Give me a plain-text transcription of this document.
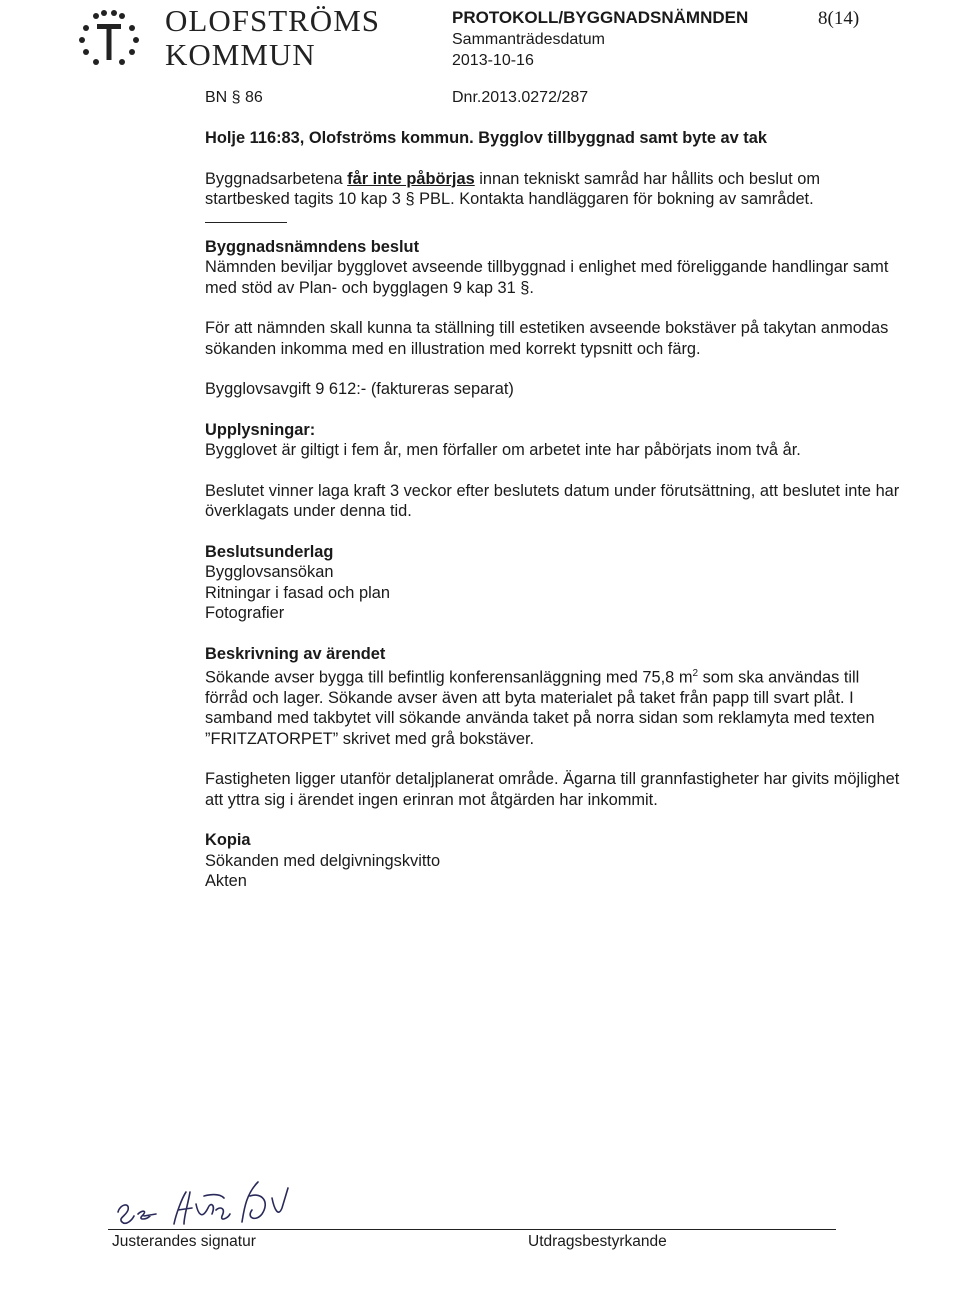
OLOFSTRÖMS
KOMMUN
PROTOKOLL/BYGGNADSNÄMNDEN
Sammanträdesdatum
2013-10-16
8(14)
BN § 86	Dnr.2013.0272/287

Holje 116:83, Olofströms kommun. Bygglov tillbyggnad samt byte av tak

Byggnadsarbetena får inte påbörjas innan tekniskt samråd har hållits och beslut om startbesked tagits 10 kap 3 § PBL. Kontakta handläggaren för bokning av samrådet.

Byggnadsnämndens beslut

Nämnden beviljar bygglovet avseende tillbyggnad i enlighet med föreliggande handlingar samt med stöd av Plan- och bygglagen 9 kap 31 §.

För att nämnden skall kunna ta ställning till estetiken avseende bokstäver på takytan anmodas sökanden inkomma med en illustration med korrekt typsnitt och färg.

Bygglovsavgift 9 612:- (faktureras separat)

Upplysningar:

Bygglovet är giltigt i fem år, men förfaller om arbetet inte har påbörjats inom två år.

Beslutet vinner laga kraft 3 veckor efter beslutets datum under förutsättning, att beslutet inte har överklagats under denna tid.

Beslutsunderlag

Bygglovsansökan

Ritningar i fasad och plan

Fotografier

Beskrivning av ärendet

Sökande avser bygga till befintlig konferensanläggning med 75,8 $m^2$ som ska användas till förråd och lager. Sökande avser även att byta materialet på taket från papp till svart plåt. I samband med takbytet vill sökande använda taket på norra sidan som reklamyta med texten ”FRITZATORPET” skrivet med grå bokstäver.

Fastigheten ligger utanför detaljplanerat område. Ägarna till grannfastigheter har givits möjlighet att yttra sig i ärendet ingen erinran mot åtgärden har inkommit.

Kopia

Sökanden med delgivningskvitto

Akten

Justerandes signatur	Utdragsbestyrkande
